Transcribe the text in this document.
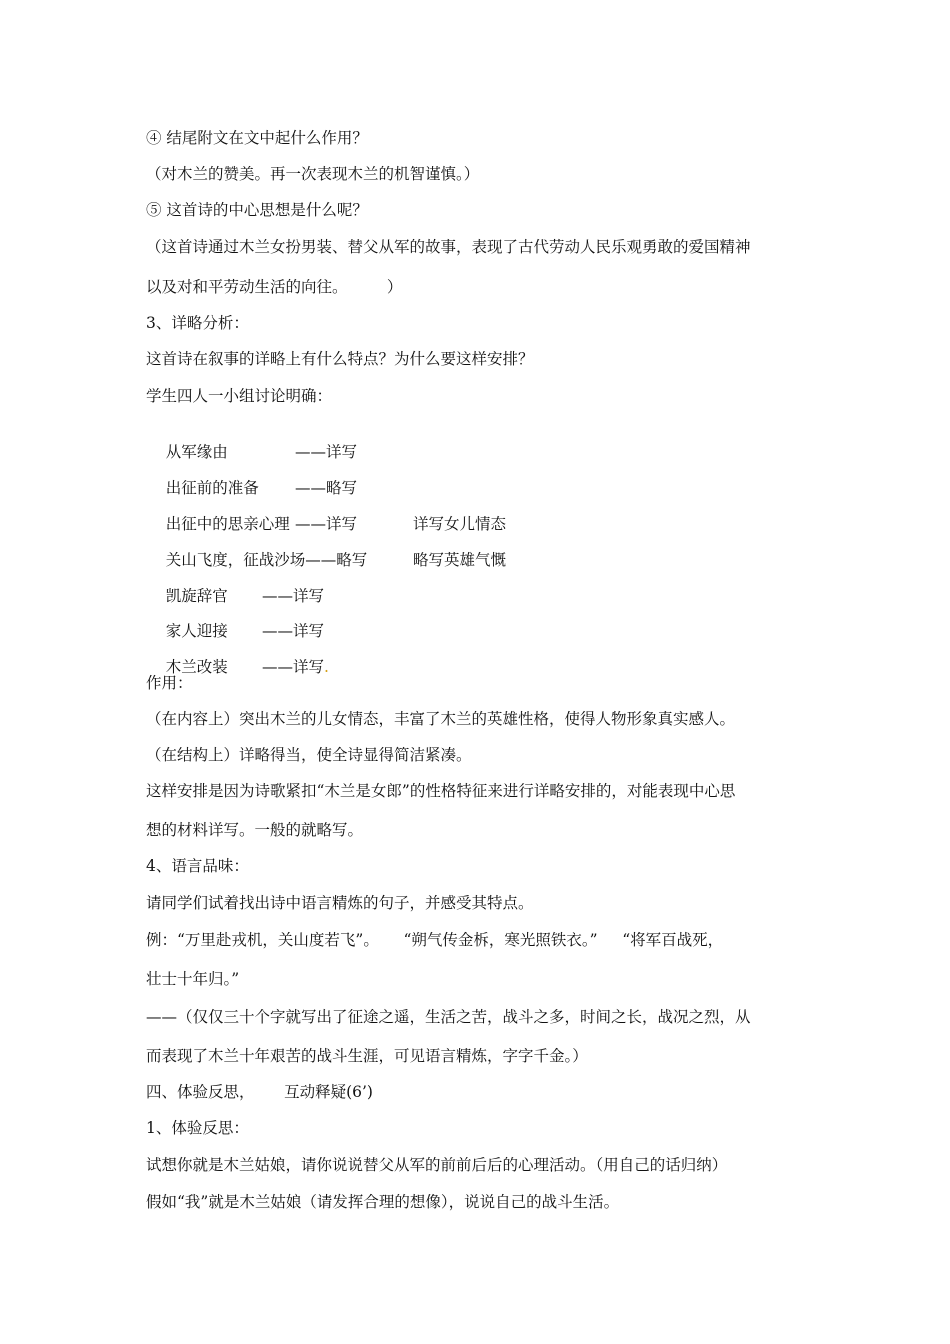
④ 结尾附文在文中起什么作用？
（对木兰的赞美。再一次表现木兰的机智谨慎。）
⑤ 这首诗的中心思想是什么呢？
（这首诗通过木兰女扮男装、替父从军的故事，表现了古代劳动人民乐观勇敢的爱国精神
以及对和平劳动生活的向往。        ）
3、详略分析：
这首诗在叙事的详略上有什么特点？为什么要这样安排？
学生四人一小组讨论明确：

从军缘由	——详写

出征前的准备 ——略写

出征中的思亲心理 ——详写	详写女儿情态

关山飞度，征战沙场——略写	略写英雄气慨

凯旋辞官 ——详写

家人迎接 ——详写

木兰改装 ——详写.

作用：
（在内容上）突出木兰的儿女情态，丰富了木兰的英雄性格，使得人物形象真实感人。
（在结构上）详略得当，使全诗显得简洁紧凑。
这样安排是因为诗歌紧扣“木兰是女郎”的性格特征来进行详略安排的，对能表现中心思
想的材料详写。一般的就略写。
4、语言品味：
请同学们试着找出诗中语言精炼的句子，并感受其特点。
例：“万里赴戎机，关山度若飞”。     “朔气传金柝，寒光照铁衣。”     “将军百战死，
壮士十年归。”
——（仅仅三十个字就写出了征途之遥，生活之苦，战斗之多，时间之长，战况之烈，从
而表现了木兰十年艰苦的战斗生涯，可见语言精炼，字字千金。）
四、体验反思，      互动释疑(6’)
1、体验反思：
试想你就是木兰姑娘，请你说说替父从军的前前后后的心理活动。（用自己的话归纳）
假如“我”就是木兰姑娘（请发挥合理的想像），说说自己的战斗生活。
